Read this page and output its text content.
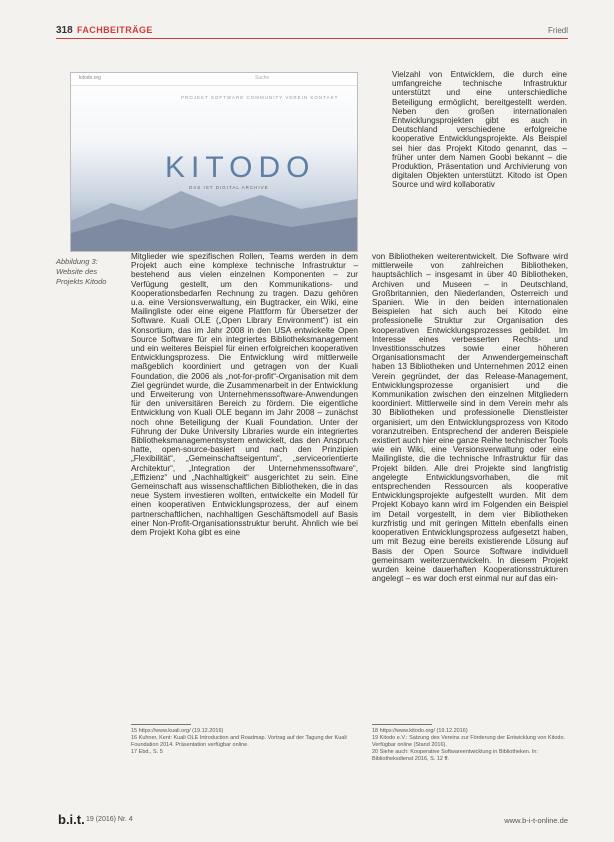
318 FACHBEITRÄGE	Friedl
kitodo.org	Suche
PROJEKT SOFTWARE COMMUNITY VEREIN KONTAKT
KITODO
DAS IST DIGITAL ARCHIVE
Abbildung 3: Website des Projekts Kitodo

Vielzahl von Entwicklern, die durch eine umfangreiche technische Infrastruktur unterstützt und eine unterschiedliche Beteiligung ermöglicht, bereitgestellt werden. Neben den großen internationalen Entwicklungsprojekten gibt es auch in Deutschland verschiedene erfolgreiche kooperative Entwicklungsprojekte. Als Beispiel sei hier das Projekt Kitodo genannt, das – früher unter dem Namen Goobi bekannt – die Produktion, Präsentation und Archivierung von digitalen Objekten unterstützt. Kitodo ist Open Source und wird kollaborativ

Mitglieder wie spezifischen Rollen, Teams werden in dem Projekt auch eine komplexe technische Infrastruktur – bestehend aus vielen einzelnen Komponenten – zur Verfügung gestellt, um den Kommunikations- und Kooperationsbedarfen Rechnung zu tragen. Dazu gehören u.a. eine Versionsverwaltung, ein Bugtracker, ein Wiki, eine Mailingliste oder eine eigene Plattform für Übersetzer der Software. Kuali OLE („Open Library Environment“) ist ein Konsortium, das im Jahr 2008 in den USA entwickelte Open Source Software für ein integriertes Bibliotheksmanagement und ein weiteres Beispiel für einen erfolgreichen kooperativen Entwicklungsprozess. Die Entwicklung wird mittlerweile maßgeblich koordiniert und getragen von der Kuali Foundation, die 2006 als „not-for-profit“-Organisation mit dem Ziel gegründet wurde, die Zusammenarbeit in der Entwicklung und Erweiterung von Unternehmenssoftware-Anwendungen für den universitären Bereich zu fördern. Die eigentliche Entwicklung von Kuali OLE begann im Jahr 2008 – zunächst noch ohne Beteiligung der Kuali Foundation. Unter der Führung der Duke University Libraries wurde ein integriertes Bibliotheksmanagementsystem entwickelt, das den Anspruch hatte, open-source-basiert und nach den Prinzipien „Flexibilität“, „Gemeinschaftseigentum“, „serviceorientierte Architektur“, „Integration der Unternehmenssoftware“, „Effizienz“ und „Nachhaltigkeit“ ausgerichtet zu sein. Eine Gemeinschaft aus wissenschaftlichen Bibliotheken, die in das neue System investieren wollten, entwickelte ein Modell für einen kooperativen Entwicklungsprozess, der auf einem partnerschaftlichen, nachhaltigen Geschäftsmodell auf Basis einer Non-Profit-Organisationsstruktur beruht. Ähnlich wie bei dem Projekt Koha gibt es eine

von Bibliotheken weiterentwickelt. Die Software wird mittlerweile von zahlreichen Bibliotheken, hauptsächlich – insgesamt in über 40 Bibliotheken, Archiven und Museen – in Deutschland, Großbritannien, den Niederlanden, Österreich und Spanien. Wie in den beiden internationalen Beispielen hat sich auch bei Kitodo eine professionelle Struktur zur Organisation des kooperativen Entwicklungsprozesses gebildet. Im Interesse eines verbesserten Rechts- und Investitionsschutzes sowie einer höheren Organisationsmacht der Anwendergemeinschaft haben 13 Bibliotheken und Unternehmen 2012 einen Verein gegründet, der das Release-Management, Entwicklungsprozesse organisiert und die Kommunikation zwischen den einzelnen Mitgliedern koordiniert. Mittlerweile sind in dem Verein mehr als 30 Bibliotheken und professionelle Dienstleister organisiert, um den Entwicklungsprozess von Kitodo voranzutreiben. Entsprechend der anderen Beispiele existiert auch hier eine ganze Reihe technischer Tools wie ein Wiki, eine Versionsverwaltung oder eine Mailingliste, die die technische Infrastruktur für das Projekt bilden. Alle drei Projekte sind langfristig angelegte Entwicklungsvorhaben, die mit entsprechenden Ressourcen als kooperative Entwicklungsprojekte aufgestellt wurden. Mit dem Projekt Kobayo kann wird im Folgenden ein Beispiel im Detail vorgestellt, in dem vier Bibliotheken kurzfristig und mit geringen Mitteln ebenfalls einen kooperativen Entwicklungsprozess aufgesetzt haben, um mit Bezug eine bereits existierende Lösung auf Basis der Open Source Software individuell gemeinsam weiterzuentwickeln. In diesem Projekt wurden keine dauerhaften Kooperationsstrukturen angelegt – es war doch erst einmal nur auf das ein-

15 https://www.kuali.org/ (19.12.2016)
16 Kuhner, Kent: Kuali OLE Introduction and Roadmap. Vortrag auf der Tagung der Kuali Foundation 2014. Präsentation verfügbar online.
17 Ebd., S. 5
18 https://www.kitodo.org/ (19.12.2016)
19 Kitodo e.V.: Satzung des Vereins zur Förderung der Entwicklung von Kitodo. Verfügbar online (Stand 2016).
20 Siehe auch: Kooperative Softwareentwicklung in Bibliotheken. In: Bibliotheksdienst 2016, S. 12 ff.
b.i.t. 19 (2016) Nr. 4	www.b-i-t-online.de
